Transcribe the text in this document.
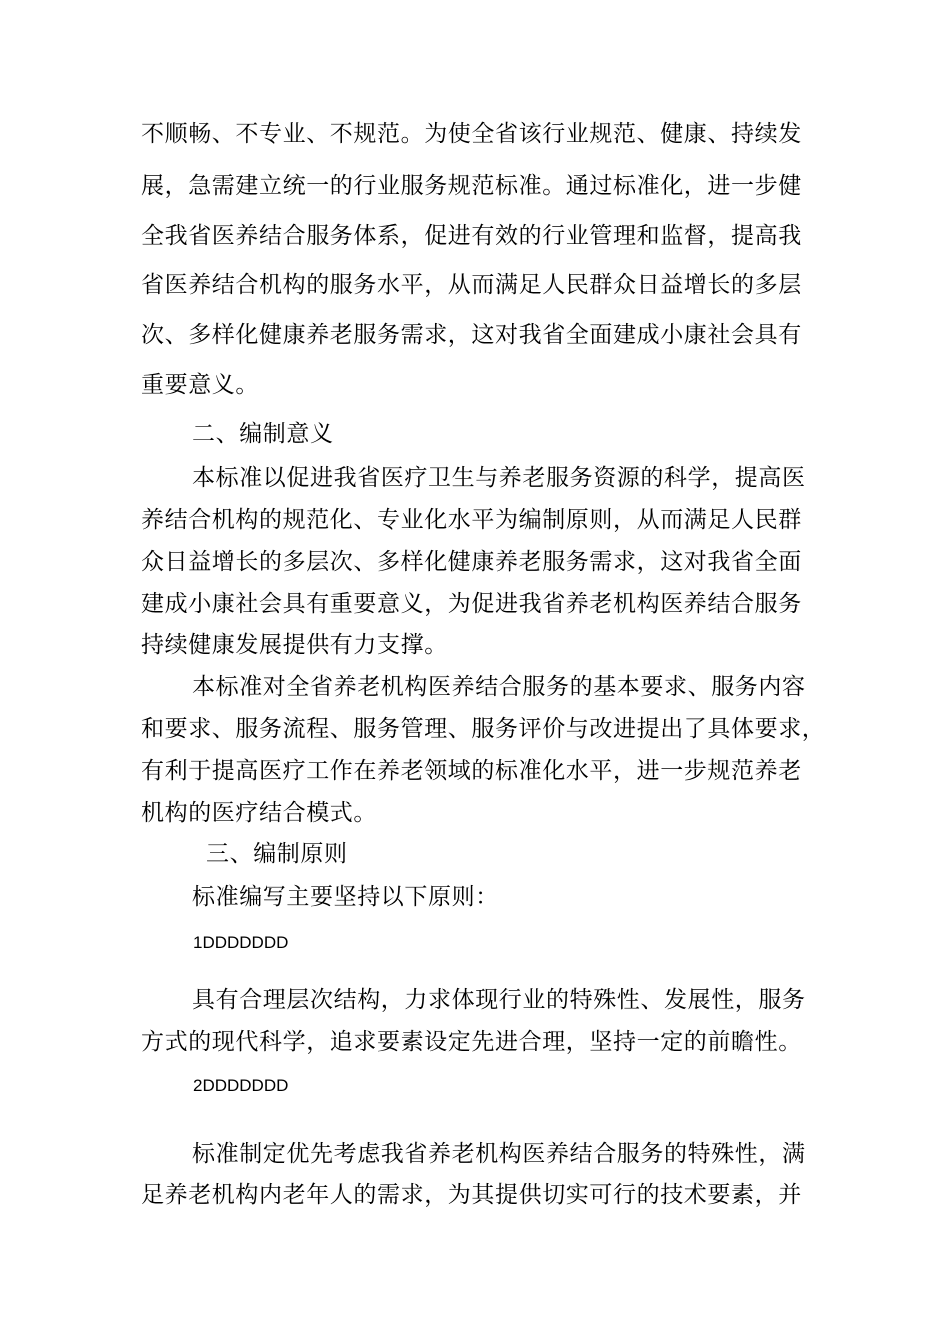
不顺畅、不专业、不规范。为使全省该行业规范、健康、持续发
展，急需建立统一的行业服务规范标准。通过标准化，进一步健
全我省医养结合服务体系，促进有效的行业管理和监督，提高我
省医养结合机构的服务水平，从而满足人民群众日益增长的多层
次、多样化健康养老服务需求，这对我省全面建成小康社会具有
重要意义。
二、编制意义
本标准以促进我省医疗卫生与养老服务资源的科学，提高医
养结合机构的规范化、专业化水平为编制原则，从而满足人民群
众日益增长的多层次、多样化健康养老服务需求，这对我省全面
建成小康社会具有重要意义，为促进我省养老机构医养结合服务
持续健康发展提供有力支撑。
本标准对全省养老机构医养结合服务的基本要求、服务内容
和要求、服务流程、服务管理、服务评价与改进提出了具体要求，
有利于提高医疗工作在养老领域的标准化水平，进一步规范养老
机构的医疗结合模式。
三、编制原则
标准编写主要坚持以下原则：
1DDDDDDD
具有合理层次结构，力求体现行业的特殊性、发展性，服务
方式的现代科学，追求要素设定先进合理，坚持一定的前瞻性。
2DDDDDDD
标准制定优先考虑我省养老机构医养结合服务的特殊性，满
足养老机构内老年人的需求，为其提供切实可行的技术要素，并
